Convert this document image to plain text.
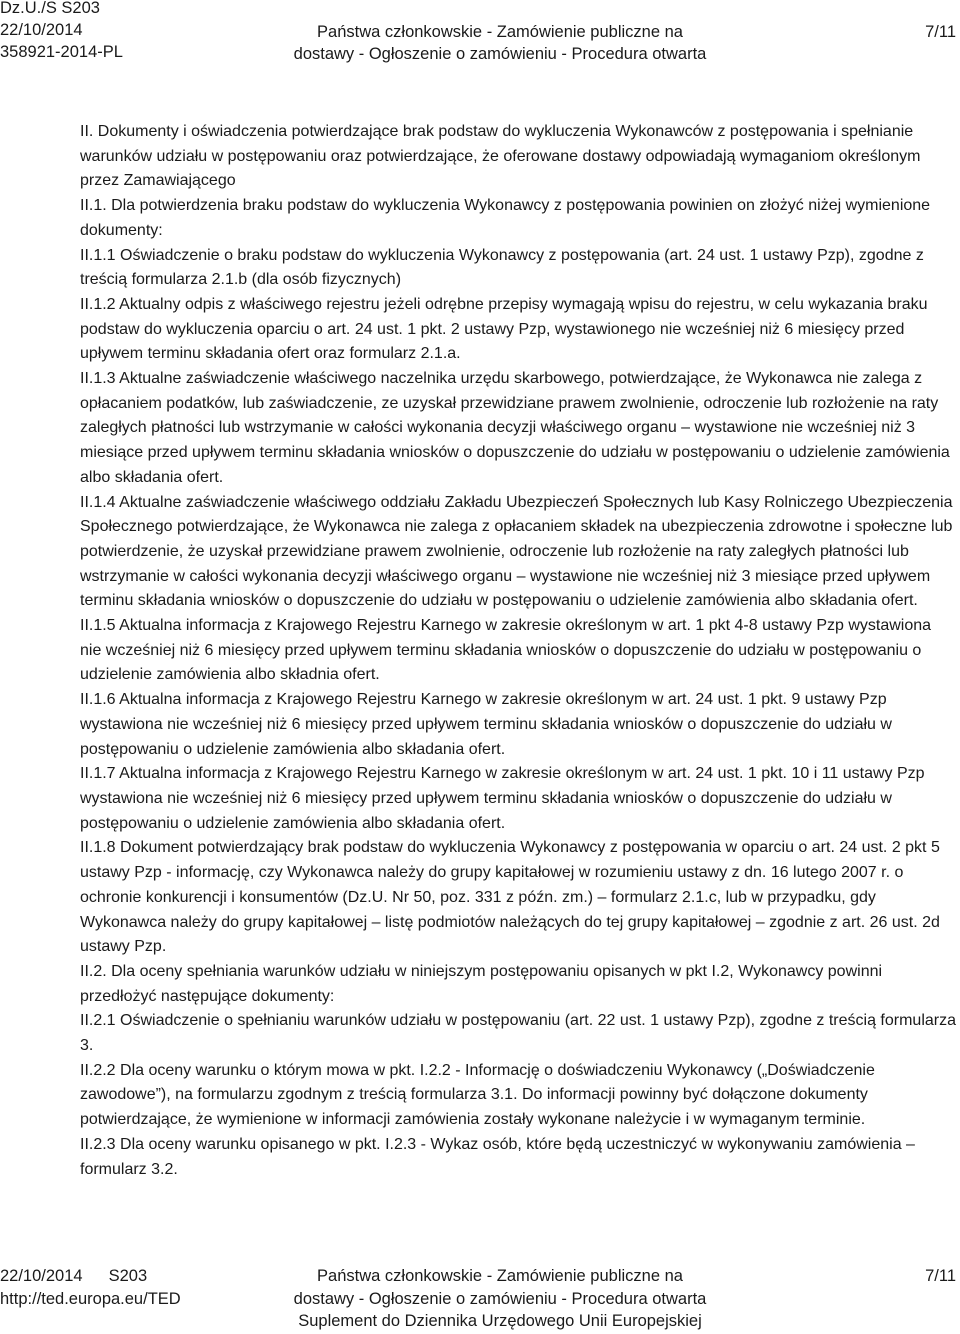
Dz.U./S S203
22/10/2014
358921-2014-PL
Państwa członkowskie - Zamówienie publiczne na
dostawy - Ogłoszenie o zamówieniu - Procedura otwarta
7/11

II. Dokumenty i oświadczenia potwierdzające brak podstaw do wykluczenia Wykonawców z postępowania i spełnianie warunków udziału w postępowaniu oraz potwierdzające, że oferowane dostawy odpowiadają wymaganiom określonym przez Zamawiającego

II.1. Dla potwierdzenia braku podstaw do wykluczenia Wykonawcy z postępowania powinien on złożyć niżej wymienione dokumenty:

II.1.1 Oświadczenie o braku podstaw do wykluczenia Wykonawcy z postępowania (art. 24 ust. 1 ustawy Pzp), zgodne z treścią formularza 2.1.b (dla osób fizycznych)

II.1.2 Aktualny odpis z właściwego rejestru jeżeli odrębne przepisy wymagają wpisu do rejestru, w celu wykazania braku podstaw do wykluczenia oparciu o art. 24 ust. 1 pkt. 2 ustawy Pzp, wystawionego nie wcześniej niż 6 miesięcy przed upływem terminu składania ofert oraz formularz 2.1.a.

II.1.3 Aktualne zaświadczenie właściwego naczelnika urzędu skarbowego, potwierdzające, że Wykonawca nie zalega z opłacaniem podatków, lub zaświadczenie, ze uzyskał przewidziane prawem zwolnienie, odroczenie lub rozłożenie na raty zaległych płatności lub wstrzymanie w całości wykonania decyzji właściwego organu – wystawione nie wcześniej niż 3 miesiące przed upływem terminu składania wniosków o dopuszczenie do udziału w postępowaniu o udzielenie zamówienia albo składania ofert.

II.1.4 Aktualne zaświadczenie właściwego oddziału Zakładu Ubezpieczeń Społecznych lub Kasy Rolniczego Ubezpieczenia Społecznego potwierdzające, że Wykonawca nie zalega z opłacaniem składek na ubezpieczenia zdrowotne i społeczne lub potwierdzenie, że uzyskał przewidziane prawem zwolnienie, odroczenie lub rozłożenie na raty zaległych płatności lub wstrzymanie w całości wykonania decyzji właściwego organu – wystawione nie wcześniej niż 3 miesiące przed upływem terminu składania wniosków o dopuszczenie do udziału w postępowaniu o udzielenie zamówienia albo składania ofert.

II.1.5 Aktualna informacja z Krajowego Rejestru Karnego w zakresie określonym w art. 1 pkt 4-8 ustawy Pzp wystawiona nie wcześniej niż 6 miesięcy przed upływem terminu składania wniosków o dopuszczenie do udziału w postępowaniu o udzielenie zamówienia albo składnia ofert.

II.1.6 Aktualna informacja z Krajowego Rejestru Karnego w zakresie określonym w art. 24 ust. 1 pkt. 9 ustawy Pzp wystawiona nie wcześniej niż 6 miesięcy przed upływem terminu składania wniosków o dopuszczenie do udziału w postępowaniu o udzielenie zamówienia albo składania ofert.

II.1.7 Aktualna informacja z Krajowego Rejestru Karnego w zakresie określonym w art. 24 ust. 1 pkt. 10 i 11 ustawy Pzp wystawiona nie wcześniej niż 6 miesięcy przed upływem terminu składania wniosków o dopuszczenie do udziału w postępowaniu o udzielenie zamówienia albo składania ofert.

II.1.8 Dokument potwierdzający brak podstaw do wykluczenia Wykonawcy z postępowania w oparciu o art. 24 ust. 2 pkt 5 ustawy Pzp - informację, czy Wykonawca należy do grupy kapitałowej w rozumieniu ustawy z dn. 16 lutego 2007 r. o ochronie konkurencji i konsumentów (Dz.U. Nr 50, poz. 331 z późn. zm.) – formularz 2.1.c, lub w przypadku, gdy Wykonawca należy do grupy kapitałowej – listę podmiotów należących do tej grupy kapitałowej – zgodnie z art. 26 ust. 2d ustawy Pzp.

II.2. Dla oceny spełniania warunków udziału w niniejszym postępowaniu opisanych w pkt I.2, Wykonawcy powinni przedłożyć następujące dokumenty:

II.2.1 Oświadczenie o spełnianiu warunków udziału w postępowaniu (art. 22 ust. 1 ustawy Pzp), zgodne z treścią formularza 3.

II.2.2 Dla oceny warunku o którym mowa w pkt. I.2.2 - Informację o doświadczeniu Wykonawcy („Doświadczenie zawodowe”), na formularzu zgodnym z treścią formularza 3.1. Do informacji powinny być dołączone dokumenty potwierdzające, że wymienione w informacji zamówienia zostały wykonane należycie i w wymaganym terminie.

II.2.3 Dla oceny warunku opisanego w pkt. I.2.3 - Wykaz osób, które będą uczestniczyć w wykonywaniu zamówienia – formularz 3.2.

22/10/2014 S203
http://ted.europa.eu/TED
Państwa członkowskie - Zamówienie publiczne na
dostawy - Ogłoszenie o zamówieniu - Procedura otwarta
Suplement do Dziennika Urzędowego Unii Europejskiej
7/11
